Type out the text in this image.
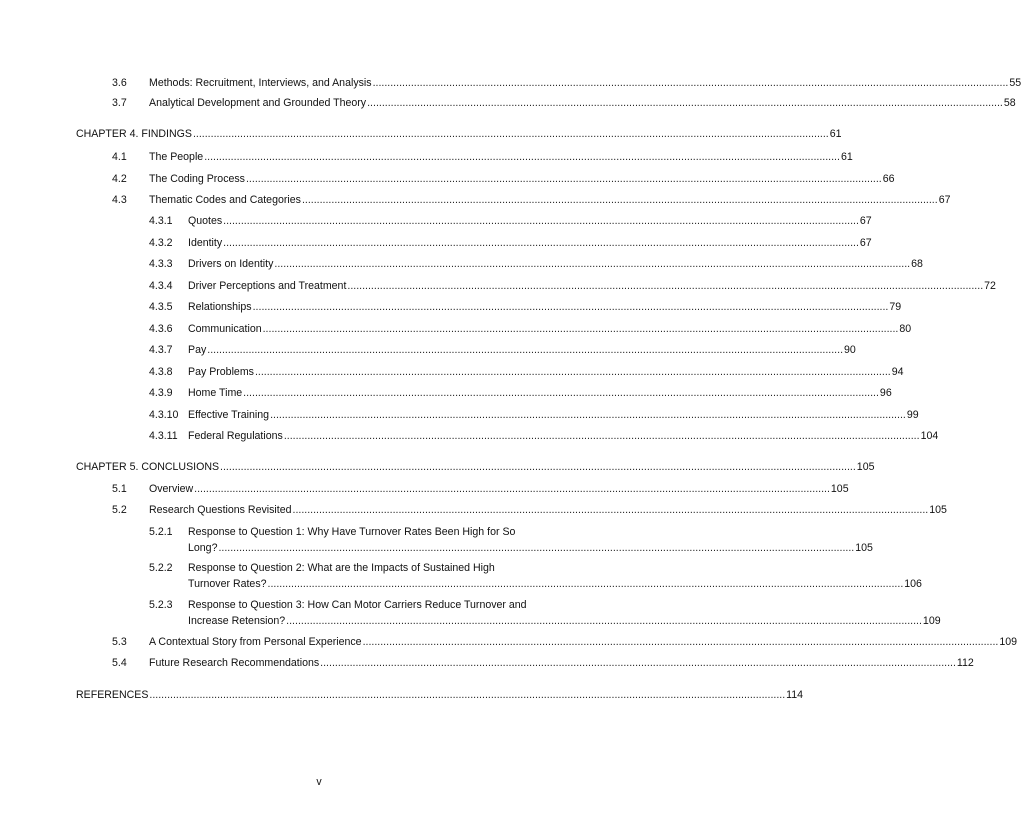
3.6 Methods: Recruitment, Interviews, and Analysis ........................................................................................................................................................................................................................ 55
3.7 Analytical Development and Grounded Theory ........................................................................................................................................................................................................................ 58
CHAPTER 4. FINDINGS ........................................................................................................................................................................................................................ 61
4.1 The People ........................................................................................................................................................................................................................ 61
4.2 The Coding Process ........................................................................................................................................................................................................................ 66
4.3 Thematic Codes and Categories ........................................................................................................................................................................................................................ 67
4.3.1 Quotes ........................................................................................................................................................................................................................ 67
4.3.2 Identity ........................................................................................................................................................................................................................ 67
4.3.3 Drivers on Identity ........................................................................................................................................................................................................................ 68
4.3.4 Driver Perceptions and Treatment ........................................................................................................................................................................................................................ 72
4.3.5 Relationships ........................................................................................................................................................................................................................ 79
4.3.6 Communication ........................................................................................................................................................................................................................ 80
4.3.7 Pay ........................................................................................................................................................................................................................ 90
4.3.8 Pay Problems ........................................................................................................................................................................................................................ 94
4.3.9 Home Time ........................................................................................................................................................................................................................ 96
4.3.10 Effective Training ........................................................................................................................................................................................................................ 99
4.3.11 Federal Regulations ........................................................................................................................................................................................................................ 104
CHAPTER 5. CONCLUSIONS ........................................................................................................................................................................................................................ 105
5.1 Overview ........................................................................................................................................................................................................................ 105
5.2 Research Questions Revisited ........................................................................................................................................................................................................................ 105
5.2.1 Response to Question 1: Why Have Turnover Rates Been High for So
Long? ........................................................................................................................................................................................................................ 105
5.2.2 Response to Question 2: What are the Impacts of Sustained High
Turnover Rates? ........................................................................................................................................................................................................................ 106
5.2.3 Response to Question 3: How Can Motor Carriers Reduce Turnover and
Increase Retension? ........................................................................................................................................................................................................................ 109
5.3 A Contextual Story from Personal Experience ........................................................................................................................................................................................................................ 109
5.4 Future Research Recommendations ........................................................................................................................................................................................................................ 112
REFERENCES ........................................................................................................................................................................................................................ 114
v
